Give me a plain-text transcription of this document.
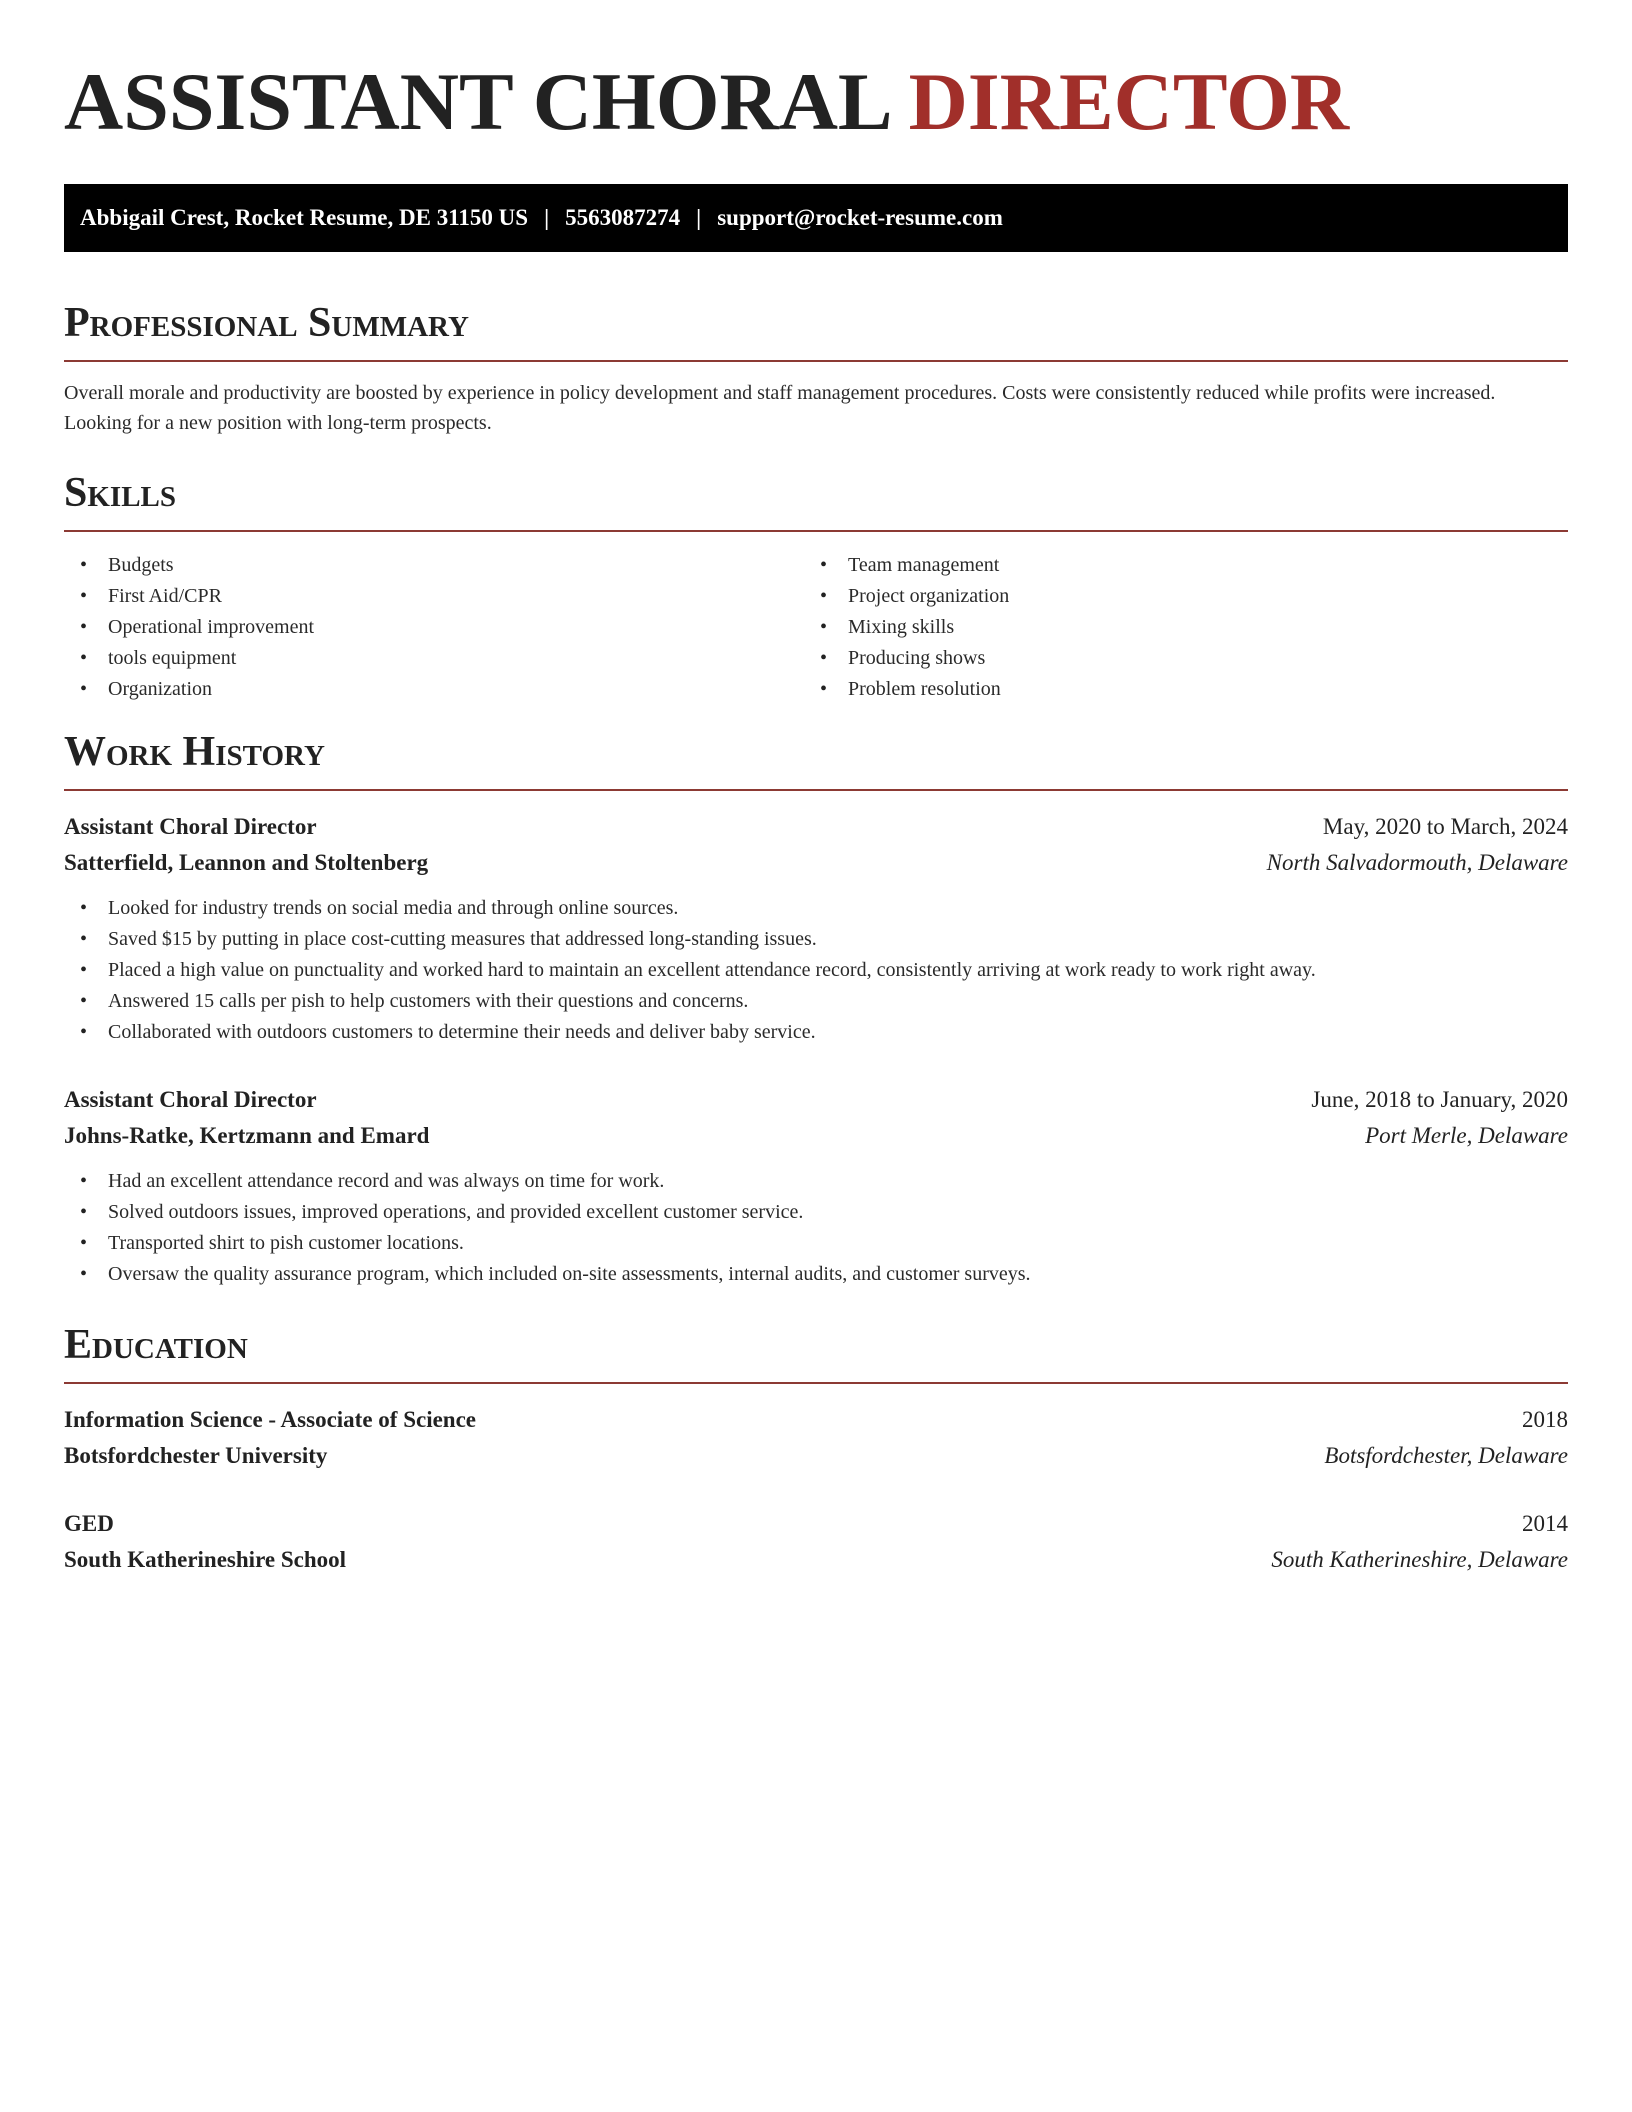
ASSISTANT CHORAL DIRECTOR
Abbigail Crest, Rocket Resume, DE 31150 US | 5563087274 | support@rocket-resume.com
Professional Summary

Overall morale and productivity are boosted by experience in policy development and staff management procedures. Costs were consistently reduced while profits were increased. Looking for a new position with long-term prospects.

Skills
• Budgets
• First Aid/CPR
• Operational improvement
• tools equipment
• Organization
• Team management
• Project organization
• Mixing skills
• Producing shows
• Problem resolution
Work History
Assistant Choral Director	May, 2020 to March, 2024
Satterfield, Leannon and Stoltenberg	North Salvadormouth, Delaware
• Looked for industry trends on social media and through online sources.
• Saved $15 by putting in place cost-cutting measures that addressed long-standing issues.
• Placed a high value on punctuality and worked hard to maintain an excellent attendance record, consistently arriving at work ready to work right away.
• Answered 15 calls per pish to help customers with their questions and concerns.
• Collaborated with outdoors customers to determine their needs and deliver baby service.
Assistant Choral Director	June, 2018 to January, 2020
Johns-Ratke, Kertzmann and Emard	Port Merle, Delaware
• Had an excellent attendance record and was always on time for work.
• Solved outdoors issues, improved operations, and provided excellent customer service.
• Transported shirt to pish customer locations.
• Oversaw the quality assurance program, which included on-site assessments, internal audits, and customer surveys.
Education
Information Science - Associate of Science	2018
Botsfordchester University	Botsfordchester, Delaware
GED	2014
South Katherineshire School	South Katherineshire, Delaware
